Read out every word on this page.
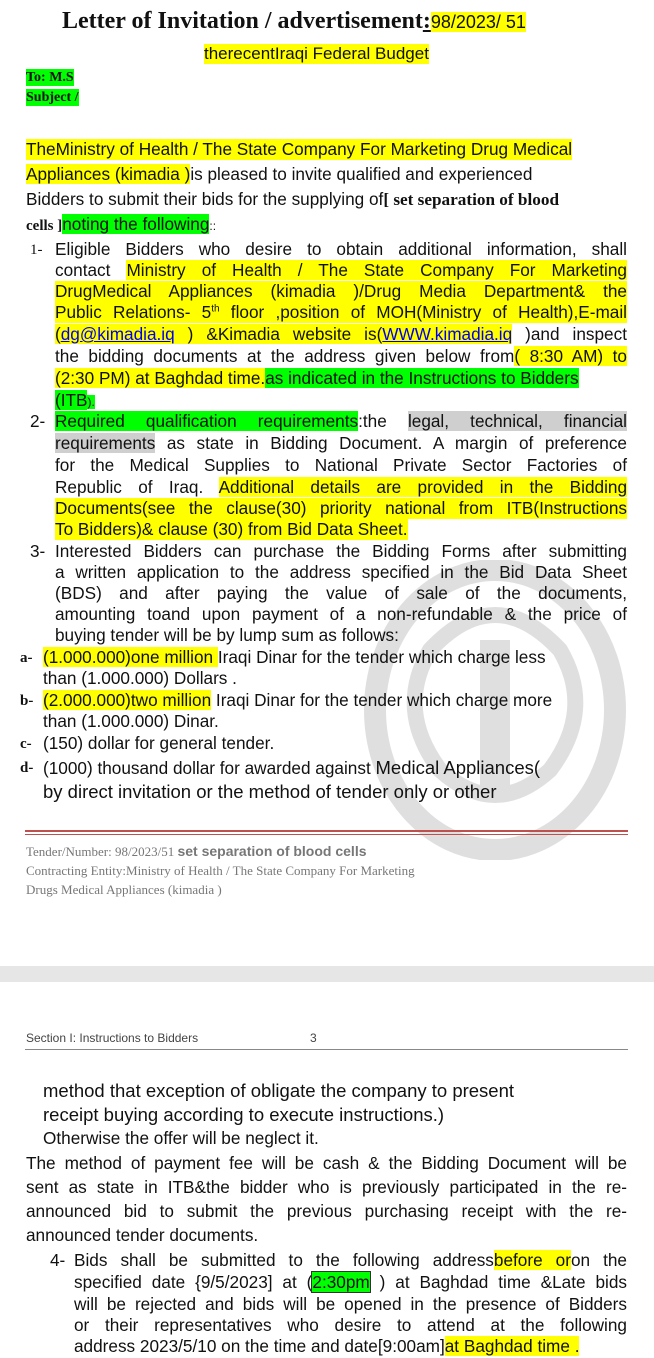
Letter of Invitation / advertisement:98/2023/ 51
therecentIraqi Federal Budget
To: M.S
Subject /
TheMinistry of Health / The State Company For Marketing Drug Medical
Appliances (kimadia )is pleased to invite qualified and experienced
Bidders to submit their bids for the supplying of[ set separation of blood
cells ]noting the following::
1- Eligible Bidders who desire to obtain additional information, shall
contact Ministry of Health / The State Company For Marketing
DrugMedical Appliances (kimadia )/Drug Media Department& the
Public Relations- 5th floor ,position of MOH(Ministry of Health),E-mail
(dg@kimadia.iq ) &Kimadia website is(WWW.kimadia.iq )and inspect
the bidding documents at the address given below from( 8:30 AM) to
(2:30 PM) at Baghdad time.as indicated in the Instructions to Bidders
(ITB).
2- Required qualification requirements:the legal, technical, financial
requirements as state in Bidding Document. A margin of preference
for the Medical Supplies to National Private Sector Factories of
Republic of Iraq. Additional details are provided in the Bidding
Documents(see the clause(30) priority national from ITB(Instructions
To Bidders)& clause (30) from Bid Data Sheet.
3- Interested Bidders can purchase the Bidding Forms after submitting
a written application to the address specified in the Bid Data Sheet
(BDS) and after paying the value of sale of the documents,
amounting toand upon payment of a non-refundable & the price of
buying tender will be by lump sum as follows:
a- (1.000.000)one million Iraqi Dinar for the tender which charge less
than (1.000.000) Dollars .
b- (2.000.000)two million Iraqi Dinar for the tender which charge more
than (1.000.000) Dinar.
c- (150) dollar for general tender.
d- (1000) thousand dollar for awarded against Medical Appliances(
by direct invitation or the method of tender only or other
Tender/Number: 98/2023/51 set separation of blood cells
Contracting Entity:Ministry of Health / The State Company For Marketing
Drugs Medical Appliances (kimadia )
Section I: Instructions to Bidders	3
method that exception of obligate the company to present
receipt buying according to execute instructions.)
Otherwise the offer will be neglect it.
The method of payment fee will be cash & the Bidding Document will be
sent as state in ITB&the bidder who is previously participated in the re-
announced bid to submit the previous purchasing receipt with the re-
announced tender documents.
4- Bids shall be submitted to the following addressbefore oron the
specified date {9/5/2023] at (2:30pm ) at Baghdad time &Late bids
will be rejected and bids will be opened in the presence of Bidders
or their representatives who desire to attend at the following
address 2023/5/10 on the time and date[9:00am]at Baghdad time .
